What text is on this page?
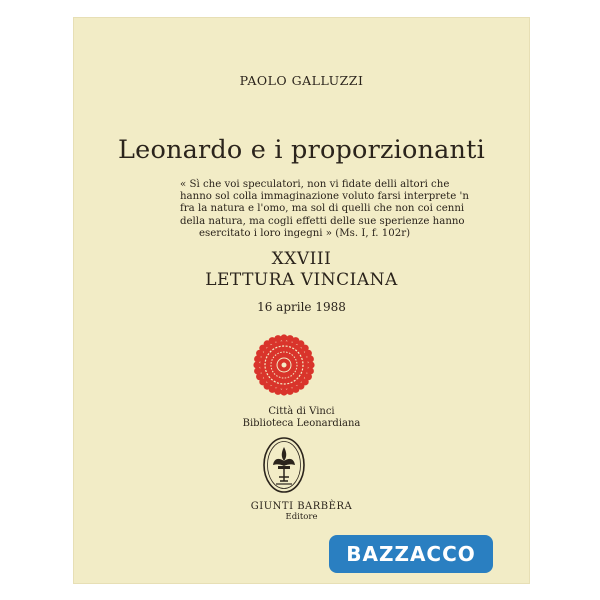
PAOLO GALLUZZI
Leonardo e i proporzionanti
« Sì che voi speculatori, non vi fidate delli altori che
hanno sol colla immaginazione voluto farsi interprete 'n
fra la natura e l'omo, ma sol di quelli che non coi cenni
della natura, ma cogli effetti delle sue sperienze hanno
esercitato i loro ingegni » (Ms. I, f. 102r)
XXVIII
LETTURA VINCIANA
16 aprile 1988
Città di Vinci
Biblioteca Leonardiana
GIUNTI BARBÈRA
Editore
BAZZACCO
